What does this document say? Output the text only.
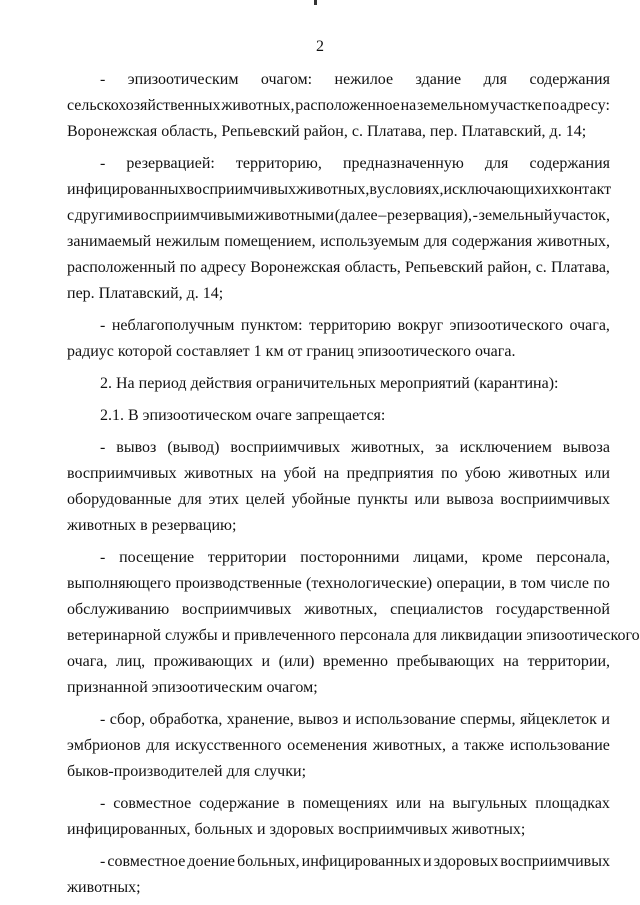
2
- эпизоотическим очагом: нежилое здание для содержания
сельскохозяйственных животных, расположенное на земельном участке по адресу:
Воронежская область, Репьевский район, с. Платава, пер. Платавский, д. 14;
- резервацией: территорию, предназначенную для содержания
инфицированных восприимчивых животных, в условиях, исключающих их контакт
с другими восприимчивыми животными (далее – резервация), - земельный участок,
занимаемый нежилым помещением, используемым для содержания животных,
расположенный по адресу Воронежская область, Репьевский район, с. Платава,
пер. Платавский, д. 14;
- неблагополучным пунктом: территорию вокруг эпизоотического очага,
радиус которой составляет 1 км от границ эпизоотического очага.
2. На период действия ограничительных мероприятий (карантина):
2.1. В эпизоотическом очаге запрещается:
- вывоз (вывод) восприимчивых животных, за исключением вывоза
восприимчивых животных на убой на предприятия по убою животных или
оборудованные для этих целей убойные пункты или вывоза восприимчивых
животных в резервацию;
- посещение территории посторонними лицами, кроме персонала,
выполняющего производственные (технологические) операции, в том числе по
обслуживанию восприимчивых животных, специалистов государственной
ветеринарной службы и привлеченного персонала для ликвидации эпизоотического
очага, лиц, проживающих и (или) временно пребывающих на территории,
признанной эпизоотическим очагом;
- сбор, обработка, хранение, вывоз и использование спермы, яйцеклеток и
эмбрионов для искусственного осеменения животных, а также использование
быков-производителей для случки;
- совместное содержание в помещениях или на выгульных площадках
инфицированных, больных и здоровых восприимчивых животных;
- совместное доение больных, инфицированных и здоровых восприимчивых
животных;
